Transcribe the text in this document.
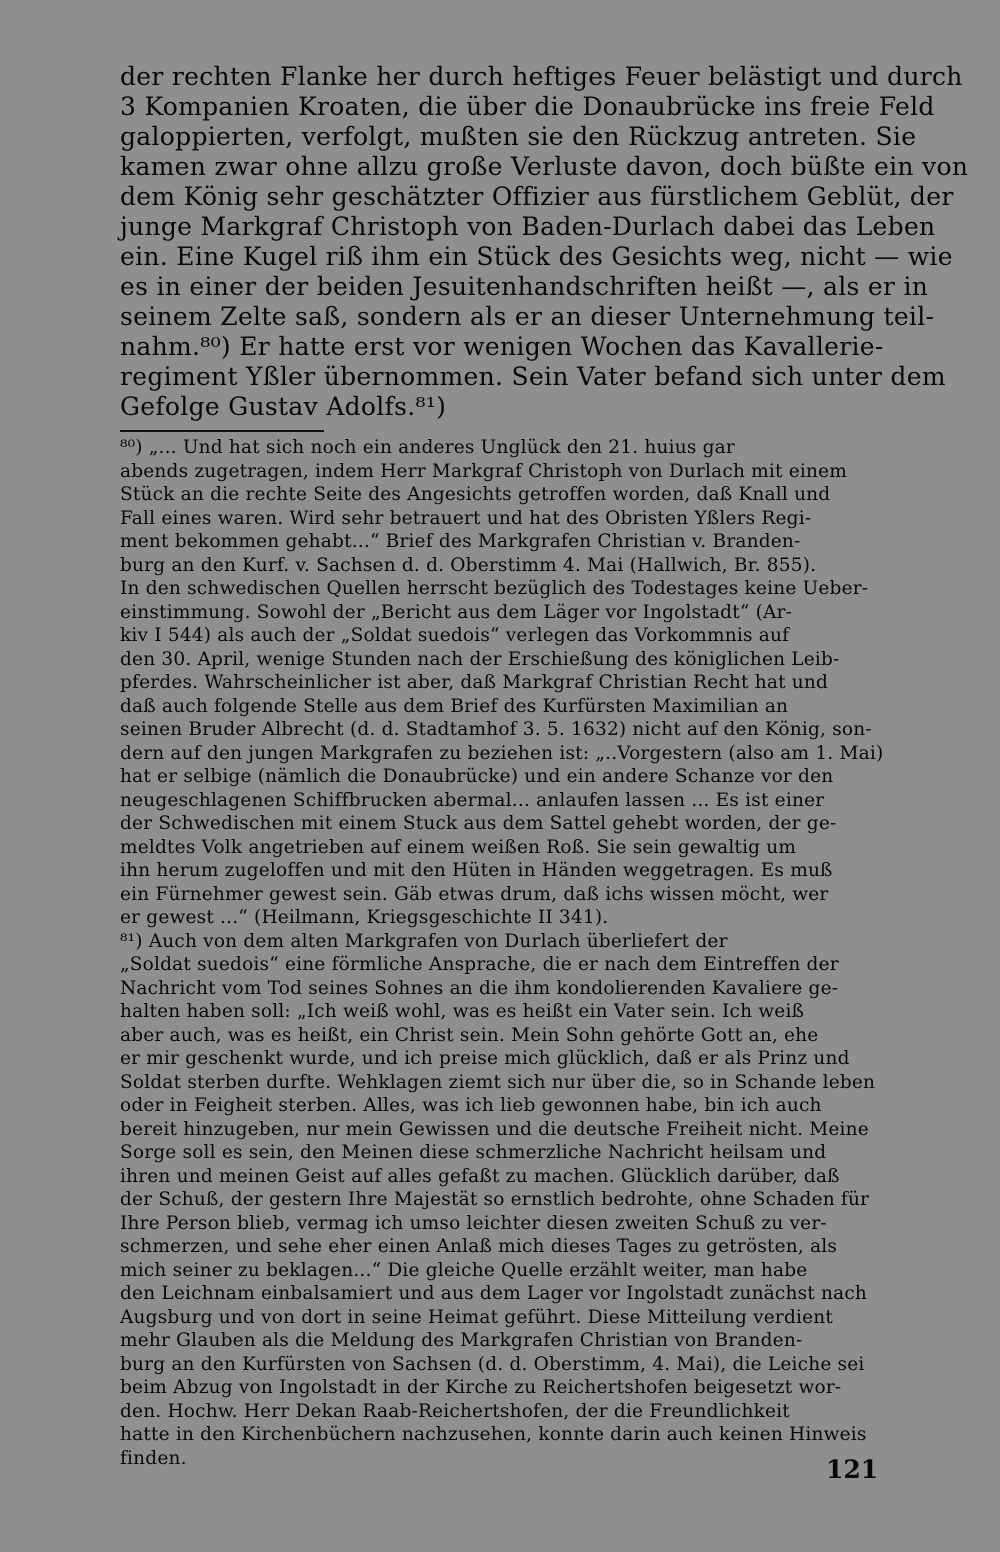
der rechten Flanke her durch heftiges Feuer belästigt und durch
3 Kompanien Kroaten, die über die Donaubrücke ins freie Feld
galoppierten, verfolgt, mußten sie den Rückzug antreten. Sie
kamen zwar ohne allzu große Verluste davon, doch büßte ein von
dem König sehr geschätzter Offizier aus fürstlichem Geblüt, der
junge Markgraf Christoph von Baden-Durlach dabei das Leben
ein. Eine Kugel riß ihm ein Stück des Gesichts weg, nicht — wie
es in einer der beiden Jesuitenhandschriften heißt —, als er in
seinem Zelte saß, sondern als er an dieser Unternehmung teil-
nahm.⁸⁰) Er hatte erst vor wenigen Wochen das Kavallerie-
regiment Yßler übernommen. Sein Vater befand sich unter dem
Gefolge Gustav Adolfs.⁸¹)
⁸⁰) „... Und hat sich noch ein anderes Unglück den 21. huius gar
abends zugetragen, indem Herr Markgraf Christoph von Durlach mit einem
Stück an die rechte Seite des Angesichts getroffen worden, daß Knall und
Fall eines waren. Wird sehr betrauert und hat des Obristen Yßlers Regi-
ment bekommen gehabt...“ Brief des Markgrafen Christian v. Branden-
burg an den Kurf. v. Sachsen d. d. Oberstimm 4. Mai (Hallwich, Br. 855).
In den schwedischen Quellen herrscht bezüglich des Todestages keine Ueber-
einstimmung. Sowohl der „Bericht aus dem Läger vor Ingolstadt“ (Ar-
kiv I 544) als auch der „Soldat suedois“ verlegen das Vorkommnis auf
den 30. April, wenige Stunden nach der Erschießung des königlichen Leib-
pferdes. Wahrscheinlicher ist aber, daß Markgraf Christian Recht hat und
daß auch folgende Stelle aus dem Brief des Kurfürsten Maximilian an
seinen Bruder Albrecht (d. d. Stadtamhof 3. 5. 1632) nicht auf den König, son-
dern auf den jungen Markgrafen zu beziehen ist: „..Vorgestern (also am 1. Mai)
hat er selbige (nämlich die Donaubrücke) und ein andere Schanze vor den
neugeschlagenen Schiffbrucken abermal... anlaufen lassen ... Es ist einer
der Schwedischen mit einem Stuck aus dem Sattel gehebt worden, der ge-
meldtes Volk angetrieben auf einem weißen Roß. Sie sein gewaltig um
ihn herum zugeloffen und mit den Hüten in Händen weggetragen. Es muß
ein Fürnehmer gewest sein. Gäb etwas drum, daß ichs wissen möcht, wer
er gewest ...“ (Heilmann, Kriegsgeschichte II 341).
⁸¹) Auch von dem alten Markgrafen von Durlach überliefert der
„Soldat suedois“ eine förmliche Ansprache, die er nach dem Eintreffen der
Nachricht vom Tod seines Sohnes an die ihm kondolierenden Kavaliere ge-
halten haben soll: „Ich weiß wohl, was es heißt ein Vater sein. Ich weiß
aber auch, was es heißt, ein Christ sein. Mein Sohn gehörte Gott an, ehe
er mir geschenkt wurde, und ich preise mich glücklich, daß er als Prinz und
Soldat sterben durfte. Wehklagen ziemt sich nur über die, so in Schande leben
oder in Feigheit sterben. Alles, was ich lieb gewonnen habe, bin ich auch
bereit hinzugeben, nur mein Gewissen und die deutsche Freiheit nicht. Meine
Sorge soll es sein, den Meinen diese schmerzliche Nachricht heilsam und
ihren und meinen Geist auf alles gefaßt zu machen. Glücklich darüber, daß
der Schuß, der gestern Ihre Majestät so ernstlich bedrohte, ohne Schaden für
Ihre Person blieb, vermag ich umso leichter diesen zweiten Schuß zu ver-
schmerzen, und sehe eher einen Anlaß mich dieses Tages zu getrösten, als
mich seiner zu beklagen...“ Die gleiche Quelle erzählt weiter, man habe
den Leichnam einbalsamiert und aus dem Lager vor Ingolstadt zunächst nach
Augsburg und von dort in seine Heimat geführt. Diese Mitteilung verdient
mehr Glauben als die Meldung des Markgrafen Christian von Branden-
burg an den Kurfürsten von Sachsen (d. d. Oberstimm, 4. Mai), die Leiche sei
beim Abzug von Ingolstadt in der Kirche zu Reichertshofen beigesetzt wor-
den. Hochw. Herr Dekan Raab-Reichertshofen, der die Freundlichkeit
hatte in den Kirchenbüchern nachzusehen, konnte darin auch keinen Hinweis
finden.	121
